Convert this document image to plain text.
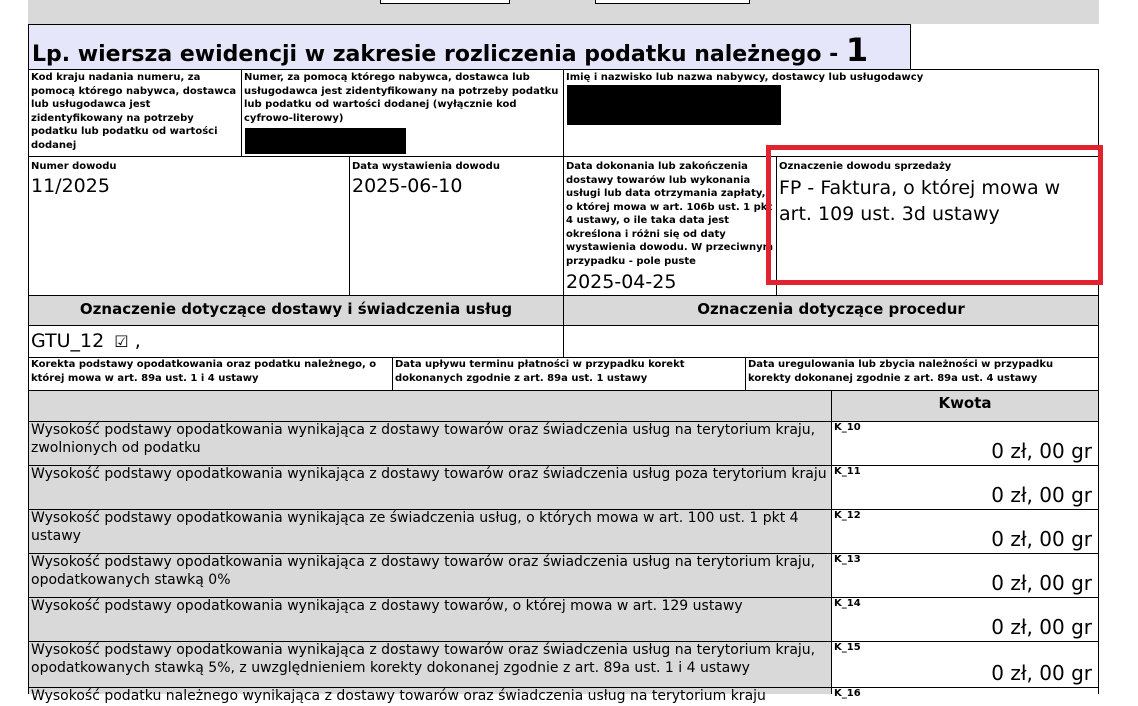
Lp. wiersza ewidencji w zakresie rozliczenia podatku należnego - 1
Kod kraju nadania numeru, za pomocą którego nabywca, dostawca lub usługodawca jest zidentyfikowany na potrzeby podatku lub podatku od wartości dodanej
Numer, za pomocą którego nabywca, dostawca lub usługodawca jest zidentyfikowany na potrzeby podatku lub podatku od wartości dodanej (wyłącznie kod cyfrowo-literowy)
Imię i nazwisko lub nazwa nabywcy, dostawcy lub usługodawcy
Numer dowodu
11/2025
Data wystawienia dowodu
2025-06-10
Data dokonania lub zakończenia dostawy towarów lub wykonania usługi lub data otrzymania zapłaty, o której mowa w art. 106b ust. 1 pkt 4 ustawy, o ile taka data jest określona i różni się od daty wystawienia dowodu. W przeciwnym przypadku - pole puste
2025-04-25
Oznaczenie dowodu sprzedaży
FP - Faktura, o której mowa w art. 109 ust. 3d ustawy
Oznaczenie dotyczące dostawy i świadczenia usług	Oznaczenia dotyczące procedur
GTU_12 ☑ ,
Korekta podstawy opodatkowania oraz podatku należnego, o której mowa w art. 89a ust. 1 i 4 ustawy
Data upływu terminu płatności w przypadku korekt dokonanych zgodnie z art. 89a ust. 1 ustawy
Data uregulowania lub zbycia należności w przypadku korekty dokonanej zgodnie z art. 89a ust. 4 ustawy
Kwota
Wysokość podstawy opodatkowania wynikająca z dostawy towarów oraz świadczenia usług na terytorium kraju, zwolnionych od podatku
K_10
0 zł, 00 gr
Wysokość podstawy opodatkowania wynikająca z dostawy towarów oraz świadczenia usług poza terytorium kraju K_11
0 zł, 00 gr
Wysokość podstawy opodatkowania wynikająca ze świadczenia usług, o których mowa w art. 100 ust. 1 pkt 4 ustawy
K_12
0 zł, 00 gr
Wysokość podstawy opodatkowania wynikająca z dostawy towarów oraz świadczenia usług na terytorium kraju, opodatkowanych stawką 0%
K_13
0 zł, 00 gr
Wysokość podstawy opodatkowania wynikająca z dostawy towarów, o której mowa w art. 129 ustawy	K_14
0 zł, 00 gr
Wysokość podstawy opodatkowania wynikająca z dostawy towarów oraz świadczenia usług na terytorium kraju, opodatkowanych stawką 5%, z uwzględnieniem korekty dokonanej zgodnie z art. 89a ust. 1 i 4 ustawy
K_15
0 zł, 00 gr
Wysokość podatku należnego wynikająca z dostawy towarów oraz świadczenia usług na terytorium kraju	K_16
